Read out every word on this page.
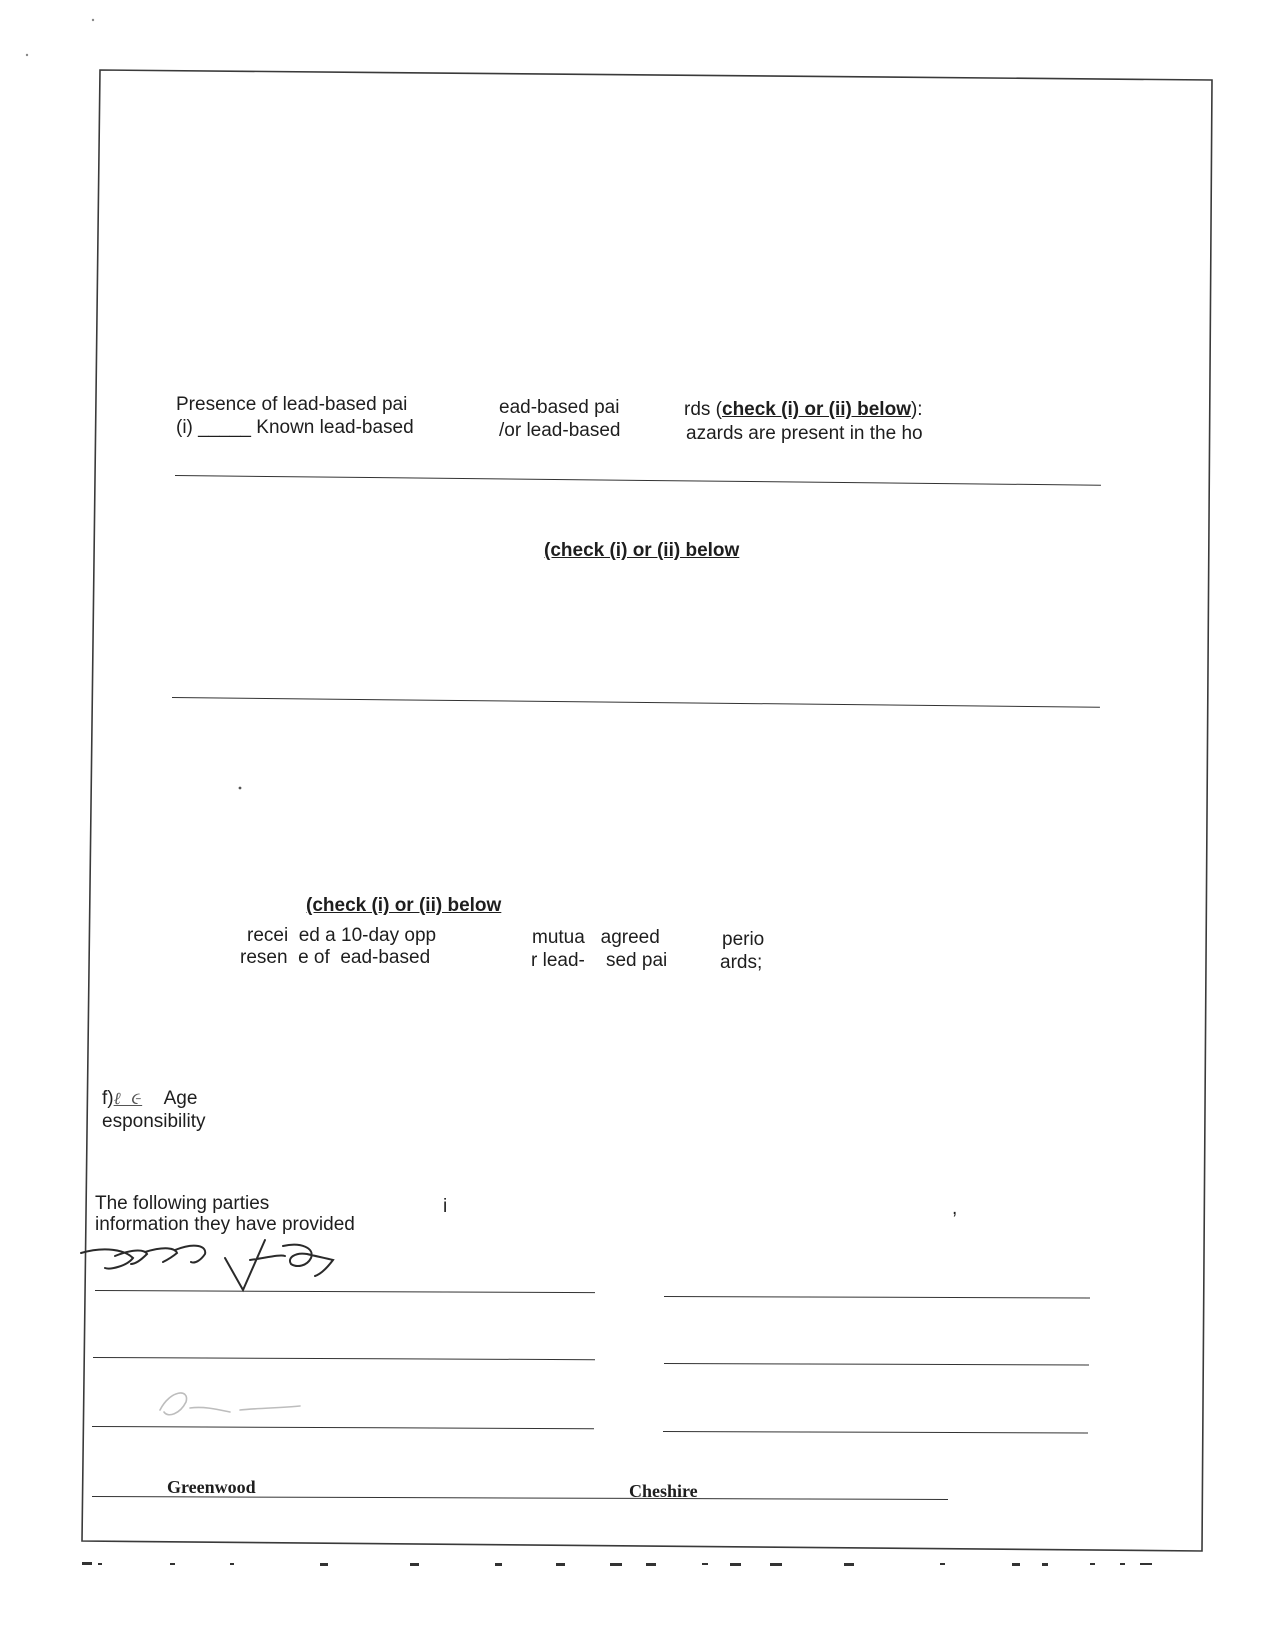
Presence of lead-based pai	ead-based pai	rds (check (i) or (ii) below):
(i) _____ Known lead-based	/or lead-based	azards are present in the ho
(check (i) or (ii) below
(check (i) or (ii) below
recei  ed a 10-day opp	mutua   agreed	perio
resen  e of  ead-based	r lead-    sed pai	ards;
f)ℓ ૯ Age
esponsibility
The following parties	i	,
information they have provided
Greenwood	Cheshire
